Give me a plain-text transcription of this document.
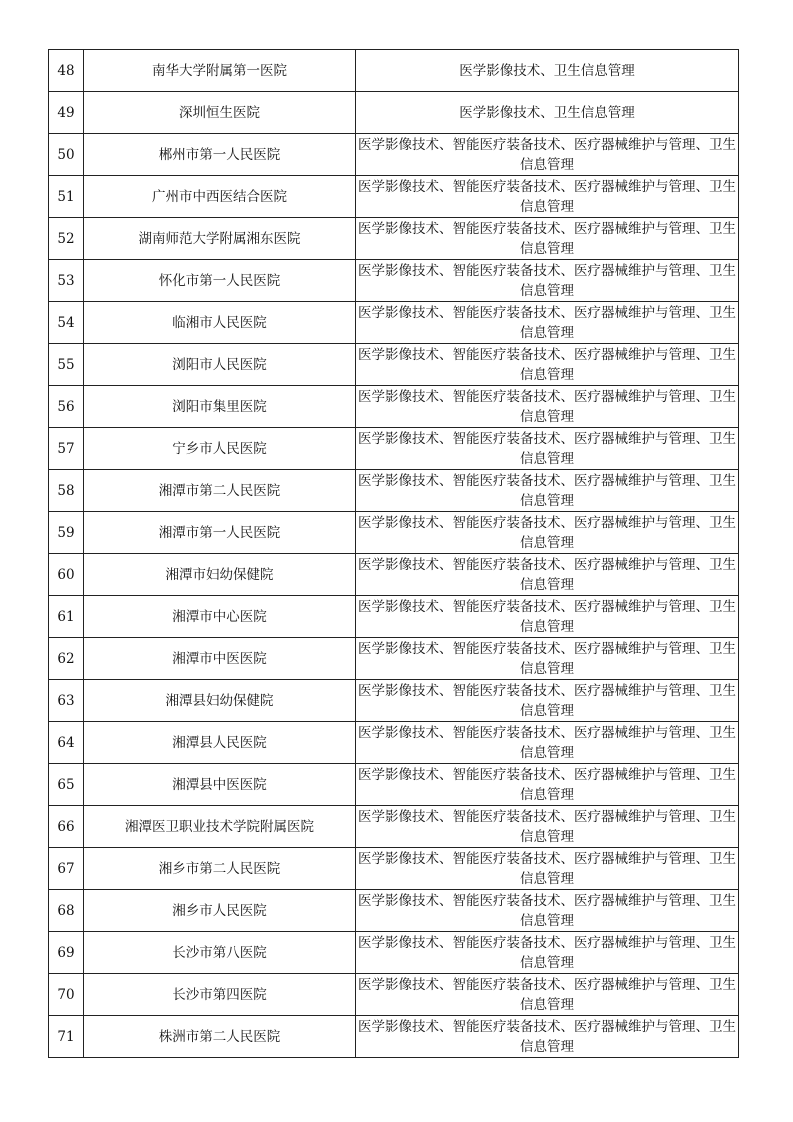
48	南华大学附属第一医院	医学影像技术、卫生信息管理
49	深圳恒生医院	医学影像技术、卫生信息管理
50	郴州市第一人民医院	医学影像技术、智能医疗装备技术、医疗器械维护与管理、卫生信息管理
51	广州市中西医结合医院	医学影像技术、智能医疗装备技术、医疗器械维护与管理、卫生信息管理
52	湖南师范大学附属湘东医院	医学影像技术、智能医疗装备技术、医疗器械维护与管理、卫生信息管理
53	怀化市第一人民医院	医学影像技术、智能医疗装备技术、医疗器械维护与管理、卫生信息管理
54	临湘市人民医院	医学影像技术、智能医疗装备技术、医疗器械维护与管理、卫生信息管理
55	浏阳市人民医院	医学影像技术、智能医疗装备技术、医疗器械维护与管理、卫生信息管理
56	浏阳市集里医院	医学影像技术、智能医疗装备技术、医疗器械维护与管理、卫生信息管理
57	宁乡市人民医院	医学影像技术、智能医疗装备技术、医疗器械维护与管理、卫生信息管理
58	湘潭市第二人民医院	医学影像技术、智能医疗装备技术、医疗器械维护与管理、卫生信息管理
59	湘潭市第一人民医院	医学影像技术、智能医疗装备技术、医疗器械维护与管理、卫生信息管理
60	湘潭市妇幼保健院	医学影像技术、智能医疗装备技术、医疗器械维护与管理、卫生信息管理
61	湘潭市中心医院	医学影像技术、智能医疗装备技术、医疗器械维护与管理、卫生信息管理
62	湘潭市中医医院	医学影像技术、智能医疗装备技术、医疗器械维护与管理、卫生信息管理
63	湘潭县妇幼保健院	医学影像技术、智能医疗装备技术、医疗器械维护与管理、卫生信息管理
64	湘潭县人民医院	医学影像技术、智能医疗装备技术、医疗器械维护与管理、卫生信息管理
65	湘潭县中医医院	医学影像技术、智能医疗装备技术、医疗器械维护与管理、卫生信息管理
66	湘潭医卫职业技术学院附属医院	医学影像技术、智能医疗装备技术、医疗器械维护与管理、卫生信息管理
67	湘乡市第二人民医院	医学影像技术、智能医疗装备技术、医疗器械维护与管理、卫生信息管理
68	湘乡市人民医院	医学影像技术、智能医疗装备技术、医疗器械维护与管理、卫生信息管理
69	长沙市第八医院	医学影像技术、智能医疗装备技术、医疗器械维护与管理、卫生信息管理
70	长沙市第四医院	医学影像技术、智能医疗装备技术、医疗器械维护与管理、卫生信息管理
71	株洲市第二人民医院	医学影像技术、智能医疗装备技术、医疗器械维护与管理、卫生信息管理
